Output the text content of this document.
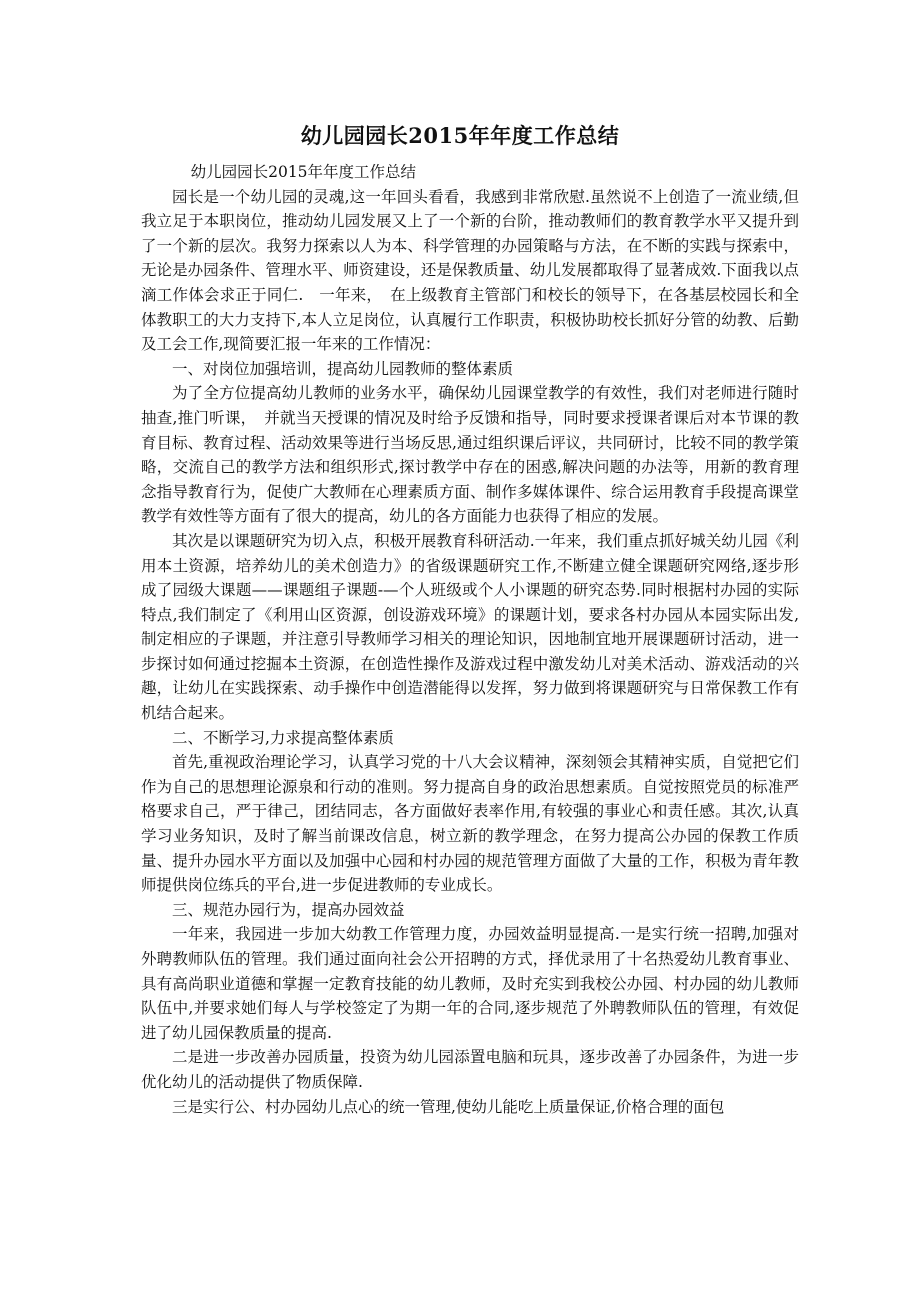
幼儿园园长2015年年度工作总结

幼儿园园长2015年年度工作总结

园长是一个幼儿园的灵魂,这一年回头看看，我感到非常欣慰.虽然说不上创造了一流业绩,但我立足于本职岗位，推动幼儿园发展又上了一个新的台阶，推动教师们的教育教学水平又提升到了一个新的层次。我努力探索以人为本、科学管理的办园策略与方法，在不断的实践与探索中，无论是办园条件、管理水平、师资建设，还是保教质量、幼儿发展都取得了显著成效.下面我以点滴工作体会求正于同仁.　一年来，　在上级教育主管部门和校长的领导下，在各基层校园长和全体教职工的大力支持下,本人立足岗位，认真履行工作职责，积极协助校长抓好分管的幼教、后勤及工会工作,现简要汇报一年来的工作情况：

一、对岗位加强培训，提高幼儿园教师的整体素质

为了全方位提高幼儿教师的业务水平，确保幼儿园课堂教学的有效性，我们对老师进行随时抽查,推门听课，　并就当天授课的情况及时给予反馈和指导，同时要求授课者课后对本节课的教育目标、教育过程、活动效果等进行当场反思,通过组织课后评议，共同研讨，比较不同的教学策略，交流自己的教学方法和组织形式,探讨教学中存在的困惑,解决问题的办法等，用新的教育理念指导教育行为，促使广大教师在心理素质方面、制作多媒体课件、综合运用教育手段提高课堂教学有效性等方面有了很大的提高，幼儿的各方面能力也获得了相应的发展。

其次是以课题研究为切入点，积极开展教育科研活动.一年来，我们重点抓好城关幼儿园《利用本土资源，培养幼儿的美术创造力》的省级课题研究工作,不断建立健全课题研究网络,逐步形成了园级大课题——课题组子课题-—个人班级或个人小课题的研究态势.同时根据村办园的实际特点,我们制定了《利用山区资源，创设游戏环境》的课题计划，要求各村办园从本园实际出发,制定相应的子课题，并注意引导教师学习相关的理论知识，因地制宜地开展课题研讨活动，进一步探讨如何通过挖掘本土资源，在创造性操作及游戏过程中激发幼儿对美术活动、游戏活动的兴趣，让幼儿在实践探索、动手操作中创造潜能得以发挥，努力做到将课题研究与日常保教工作有机结合起来。

二、不断学习,力求提高整体素质

首先,重视政治理论学习，认真学习党的十八大会议精神，深刻领会其精神实质，自觉把它们作为自己的思想理论源泉和行动的准则。努力提高自身的政治思想素质。自觉按照党员的标准严格要求自己，严于律己，团结同志，各方面做好表率作用,有较强的事业心和责任感。其次,认真学习业务知识，及时了解当前课改信息，树立新的教学理念，在努力提高公办园的保教工作质量、提升办园水平方面以及加强中心园和村办园的规范管理方面做了大量的工作，积极为青年教师提供岗位练兵的平台,进一步促进教师的专业成长。

三、规范办园行为，提高办园效益

一年来，我园进一步加大幼教工作管理力度，办园效益明显提高.一是实行统一招聘,加强对外聘教师队伍的管理。我们通过面向社会公开招聘的方式，择优录用了十名热爱幼儿教育事业、具有高尚职业道德和掌握一定教育技能的幼儿教师，及时充实到我校公办园、村办园的幼儿教师队伍中,并要求她们每人与学校签定了为期一年的合同,逐步规范了外聘教师队伍的管理，有效促进了幼儿园保教质量的提高.

二是进一步改善办园质量，投资为幼儿园添置电脑和玩具，逐步改善了办园条件，为进一步优化幼儿的活动提供了物质保障.

三是实行公、村办园幼儿点心的统一管理,使幼儿能吃上质量保证,价格合理的面包
